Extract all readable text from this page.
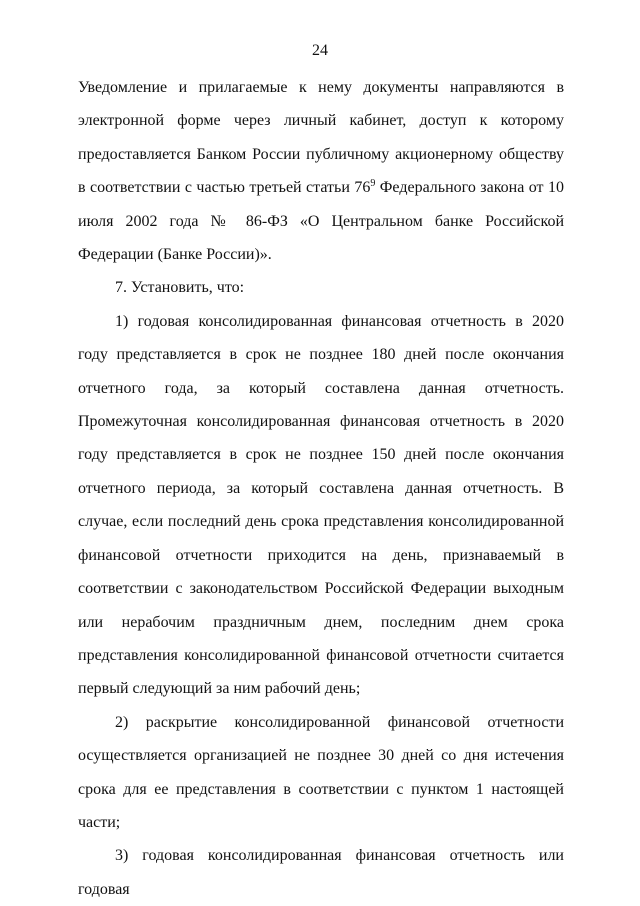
24

Уведомление и прилагаемые к нему документы направляются в электронной форме через личный кабинет, доступ к которому предоставляется Банком России публичному акционерному обществу в соответствии с частью третьей статьи $76^9$ Федерального закона от 10 июля 2002 года № 86-ФЗ «О Центральном банке Российской Федерации (Банке России)».

7. Установить, что:

1) годовая консолидированная финансовая отчетность в 2020 году представляется в срок не позднее 180 дней после окончания отчетного года, за который составлена данная отчетность. Промежуточная консолидированная финансовая отчетность в 2020 году представляется в срок не позднее 150 дней после окончания отчетного периода, за который составлена данная отчетность. В случае, если последний день срока представления консолидированной финансовой отчетности приходится на день, признаваемый в соответствии с законодательством Российской Федерации выходным или нерабочим праздничным днем, последним днем срока представления консолидированной финансовой отчетности считается первый следующий за ним рабочий день;

2) раскрытие консолидированной финансовой отчетности осуществляется организацией не позднее 30 дней со дня истечения срока для ее представления в соответствии с пунктом 1 настоящей части;

3) годовая консолидированная финансовая отчетность или годовая
